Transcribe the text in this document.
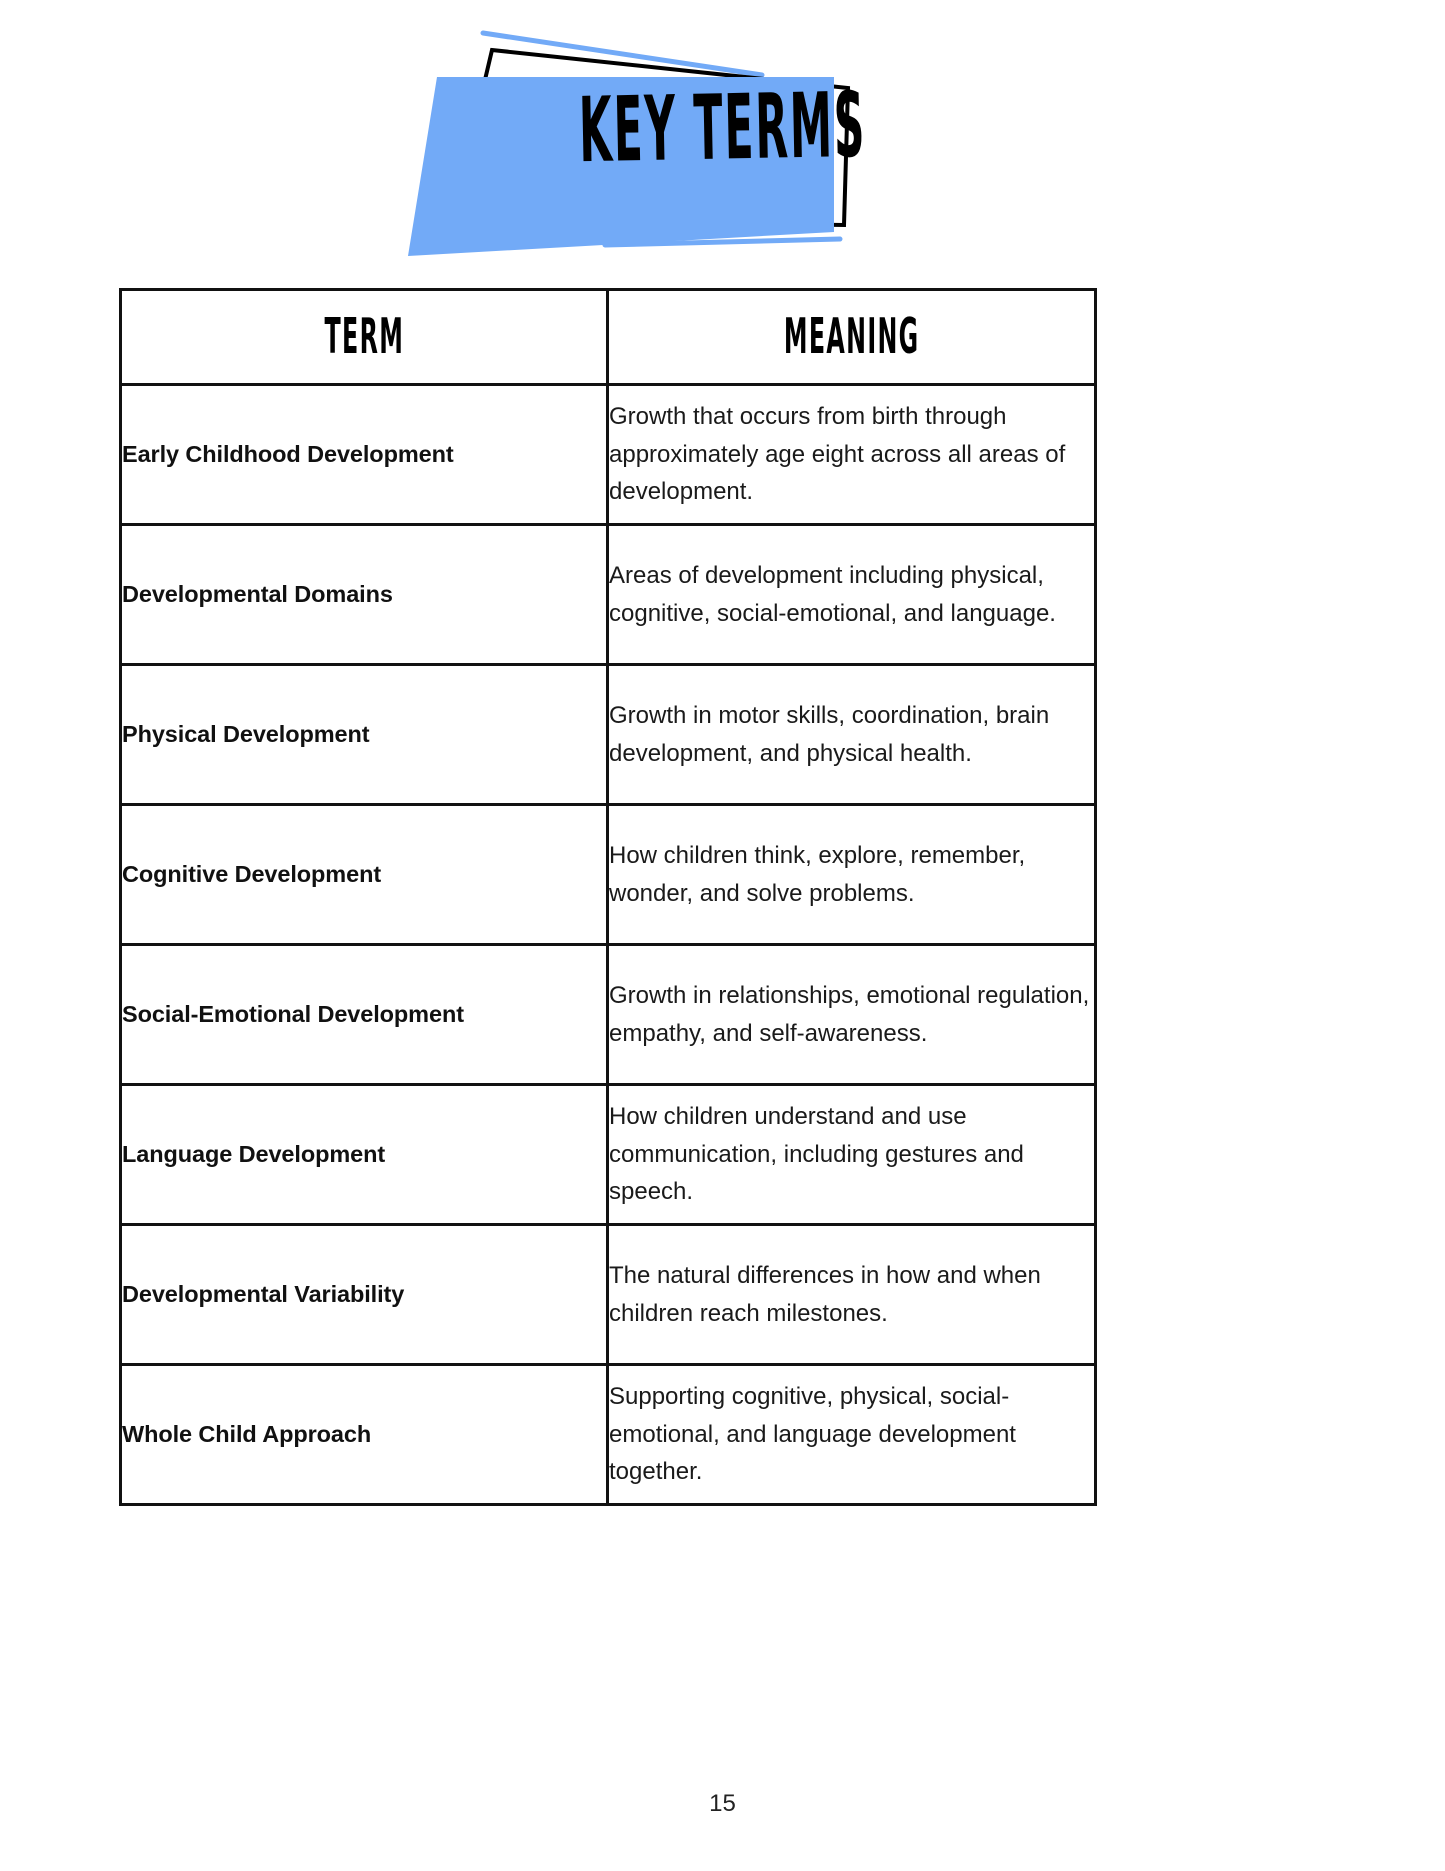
KEY TERMS
TERM	MEANING
Early Childhood Development	Growth that occurs from birth through approximately age eight across all areas of development.
Developmental Domains	Areas of development including physical, cognitive, social-emotional, and language.
Physical Development	Growth in motor skills, coordination, brain development, and physical health.
Cognitive Development	How children think, explore, remember, wonder, and solve problems.
Social-Emotional Development	Growth in relationships, emotional regulation, empathy, and self-awareness.
Language Development	How children understand and use communication, including gestures and speech.
Developmental Variability	The natural differences in how and when children reach milestones.
Whole Child Approach	Supporting cognitive, physical, social-emotional, and language development together.
15
